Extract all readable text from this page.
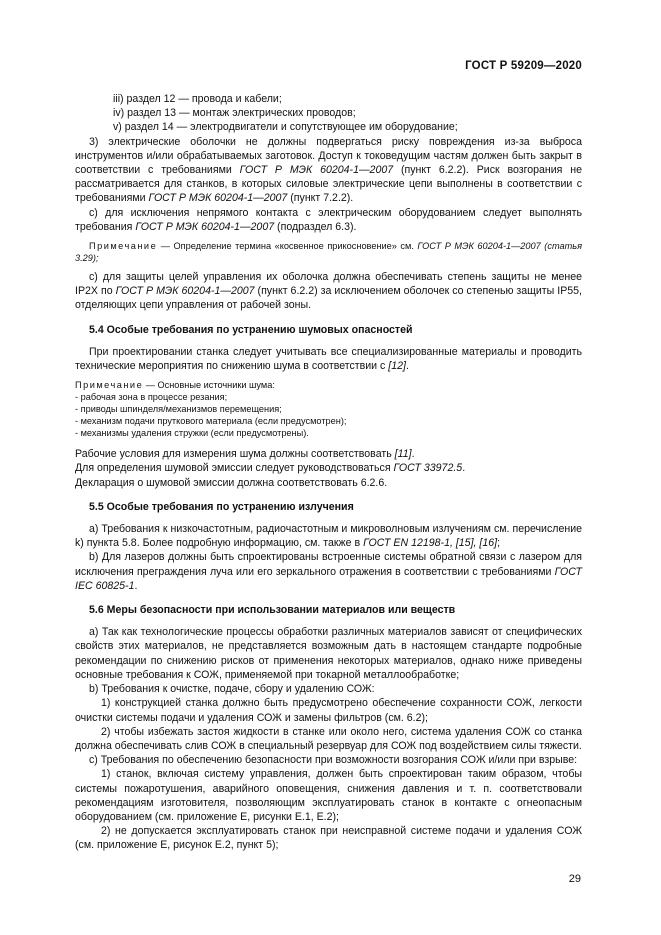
ГОСТ Р 59209—2020

iii) раздел 12 — провода и кабели;

iv) раздел 13 — монтаж электрических проводов;

v) раздел 14 — электродвигатели и сопутствующее им оборудование;

3) электрические оболочки не должны подвергаться риску повреждения из-за выброса инструментов и/или обрабатываемых заготовок. Доступ к токоведущим частям должен быть закрыт в соответствии с требованиями ГОСТ Р МЭК 60204-1—2007 (пункт 6.2.2). Риск возгорания не рассматривается для станков, в которых силовые электрические цепи выполнены в соответствии с требованиями ГОСТ Р МЭК 60204-1—2007 (пункт 7.2.2).

c) для исключения непрямого контакта с электрическим оборудованием следует выполнять требования ГОСТ Р МЭК 60204-1—2007 (подраздел 6.3).

Примечание — Определение термина «косвенное прикосновение» см. ГОСТ Р МЭК 60204-1—2007 (статья 3.29);

c) для защиты целей управления их оболочка должна обеспечивать степень защиты не менее IP2X по ГОСТ Р МЭК 60204-1—2007 (пункт 6.2.2) за исключением оболочек со степенью защиты IP55, отделяющих цепи управления от рабочей зоны.

5.4 Особые требования по устранению шумовых опасностей

При проектировании станка следует учитывать все специализированные материалы и проводить технические мероприятия по снижению шума в соответствии с [12].

Примечание — Основные источники шума:

- рабочая зона в процессе резания;

- приводы шпинделя/механизмов перемещения;

- механизм подачи пруткового материала (если предусмотрен);

- механизмы удаления стружки (если предусмотрены).

Рабочие условия для измерения шума должны соответствовать [11].

Для определения шумовой эмиссии следует руководствоваться ГОСТ 33972.5.

Декларация о шумовой эмиссии должна соответствовать 6.2.6.

5.5 Особые требования по устранению излучения

a) Требования к низкочастотным, радиочастотным и микроволновым излучениям см. перечисление k) пункта 5.8. Более подробную информацию, см. также в ГОСТ EN 12198-1, [15], [16];

b) Для лазеров должны быть спроектированы встроенные системы обратной связи с лазером для исключения преграждения луча или его зеркального отражения в соответствии с требованиями ГОСТ IEC 60825-1.

5.6 Меры безопасности при использовании материалов или веществ

a) Так как технологические процессы обработки различных материалов зависят от специфических свойств этих материалов, не представляется возможным дать в настоящем стандарте подробные рекомендации по снижению рисков от применения некоторых материалов, однако ниже приведены основные требования к СОЖ, применяемой при токарной металлообработке;

b) Требования к очистке, подаче, сбору и удалению СОЖ:

1) конструкцией станка должно быть предусмотрено обеспечение сохранности СОЖ, легкости очистки системы подачи и удаления СОЖ и замены фильтров (см. 6.2);

2) чтобы избежать застоя жидкости в станке или около него, система удаления СОЖ со станка должна обеспечивать слив СОЖ в специальный резервуар для СОЖ под воздействием силы тяжести.

c) Требования по обеспечению безопасности при возможности возгорания СОЖ и/или при взрыве:

1) станок, включая систему управления, должен быть спроектирован таким образом, чтобы системы пожаротушения, аварийного оповещения, снижения давления и т. п. соответствовали рекомендациям изготовителя, позволяющим эксплуатировать станок в контакте с огнеопасным оборудованием (см. приложение Е, рисунки Е.1, Е.2);

2) не допускается эксплуатировать станок при неисправной системе подачи и удаления СОЖ (см. приложение Е, рисунок Е.2, пункт 5);

29
